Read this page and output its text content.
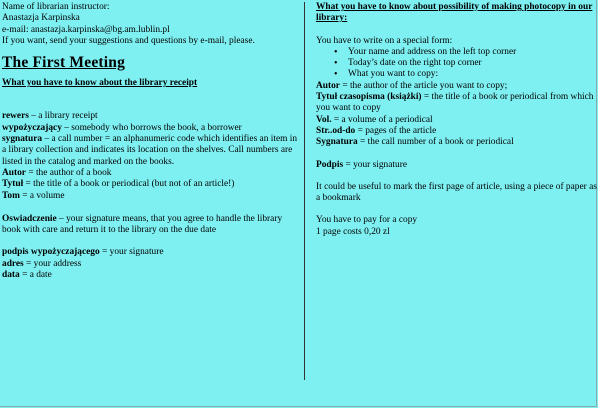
Name of librarian instructor:
Anastazja Karpinska
e-mail: anastazja.karpinska@bg.am.lublin.pl
If you want, send your suggestions and questions by e-mail, please.
The First Meeting
What you have to know about the library receipt

rewers – a library receipt

wypożyczający – somebody who borrows the book, a borrower

sygnatura – a call number = an alphanumeric code which identifies an item in a library collection and indicates its location on the shelves. Call numbers are listed in the catalog and marked on the books.

Autor = the author of a book

Tytuł = the title of a book or periodical (but not of an article!)

Tom = a volume

Oswiadczenie – your signature means, that you agree to handle the library book with care and return it to the library on the due date

podpis wypożyczającego = your signature

adres = your address

data = a date

What you have to know about possibility of making photocopy in our library:

You have to write on a special form:

• Your name and address on the left top corner
• Today’s date on the right top corner
• What you want to copy:

Autor = the author of the article you want to copy;

Tytuł czasopisma (książki) = the title of a book or periodical from which you want to copy

Vol. = a volume of a periodical

Str..od-do = pages of the article

Sygnatura = the call number of a book or periodical

Podpis = your signature

It could be useful to mark the first page of article, using a piece of paper as a bookmark

You have to pay for a copy

1 page costs 0,20 zl
